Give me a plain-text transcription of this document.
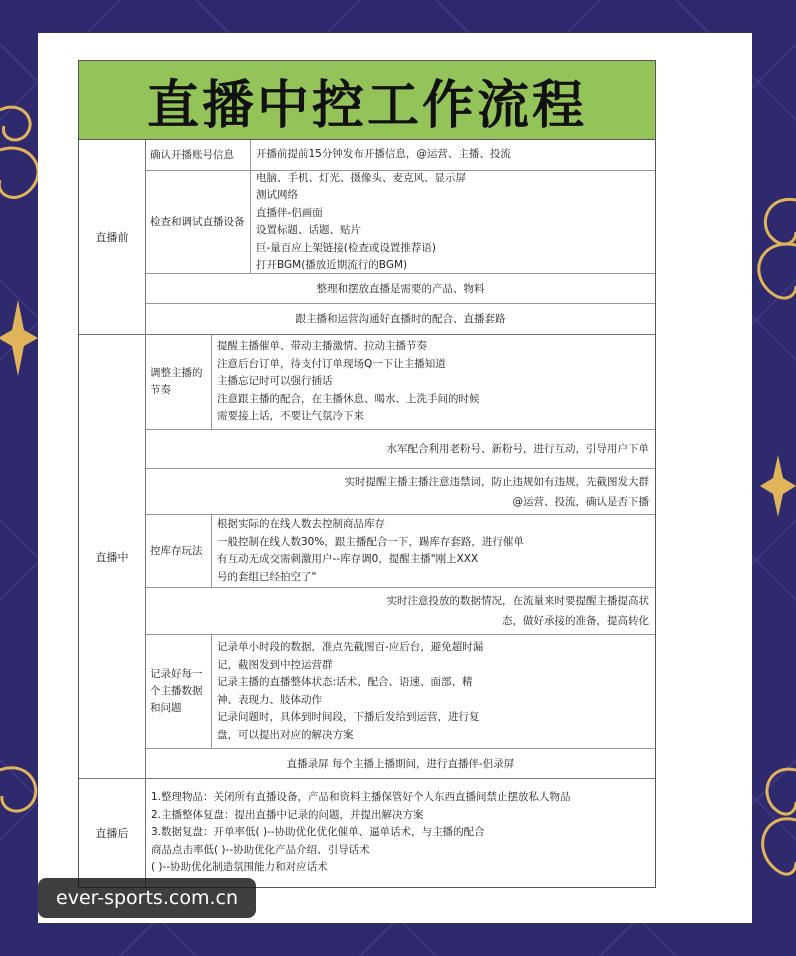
直播中控工作流程
直播前
确认开播账号信息	开播前提前15分钟发布开播信息，@运营、主播、投流
检查和调试直播设备
电脑、手机、灯光、摄像头、麦克风、显示屏
测试网络
直播伴-侣画面
设置标题、话题、贴片
巨-量百应上架链接(检查或设置推荐语)
打开BGM(播放近期流行的BGM)
整理和摆放直播是需要的产品、物料
跟主播和运营沟通好直播时的配合、直播套路
直播中
调整主播的节奏
提醒主播催单、带动主播激情、拉动主播节奏
注意后台订单，待支付订单现场Q一下让主播知道
主播忘记时可以强行插话
注意跟主播的配合，在主播休息、喝水、上洗手间的时候
需要接上话，不要让气氛冷下来
水军配合利用老粉号、新粉号，进行互动，引导用户下单
实时提醒主播主播注意违禁词，防止违规如有违规，先截图发大群
@运营、投流，确认是否下播
控库存玩法
根据实际的在线人数去控制商品库存
一般控制在线人数30%，跟主播配合一下，踢库存套路，进行催单
有互动无成交需刺激用户--库存调0，提醒主播"刚上XXX
号的套组已经拍空了"
实时注意投放的数据情况，在流量来时要提醒主播提高状
态，做好承接的准备，提高转化
记录好每一个主播数据和问题
记录单小时段的数据，准点先截图百-应后台，避免超时漏
记，截图发到中控运营群
记录主播的直播整体状态:话术、配合、语速、面部、精
神、表现力、肢体动作
记录问题时，具体到时间段，下播后发给到运营，进行复
盘，可以提出对应的解决方案
直播录屏 每个主播上播期间，进行直播伴-侣录屏
直播后
1.整理物品：关闭所有直播设备，产品和资料主播保管好个人东西直播间禁止摆放私人物品
2.主播整体复盘：提出直播中记录的问题，并提出解决方案
3.数据复盘：开单率低( )--协助优化优化催单、逼单话术，与主播的配合
商品点击率低( )--协助优化产品介绍、引导话术
( )--协助优化制造氛围能力和对应话术
ever-sports.com.cn
